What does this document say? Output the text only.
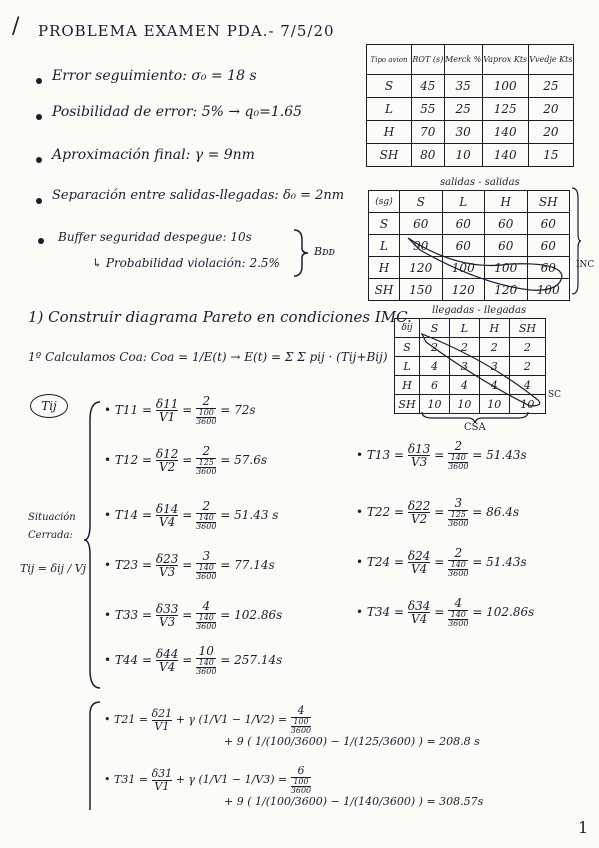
/ PROBLEMA EXAMEN PDA.- 7/5/20
Error seguimiento: σ₀ = 18 s
Posibilidad de error: 5% → q₀=1.65
Aproximación final: γ = 9nm
Separación entre salidas-llegadas: δ₀ = 2nm
Buffer seguridad despegue: 10s
↳ Probabilidad violación: 2.5%
Bᴅᴅ
Tipo avion	ROT (s)	Merck %	Vaprox Kts	Vvedje Kts
S	45	35	100	25
L	55	25	125	20
H	70	30	140	20
SH	80	10	140	15
salidas - salidas
(sg)	S	L	H	SH
S	60	60	60	60
L	90	60	60	60
H	120	100	100	60
SH	150	120	120	100
INC
llegadas - llegadas
δij	S	L	H	SH
S	2	2	2	2
L	4	3	3	2
H	6	4	4	4
SH	10	10	10	10
SC
CSA
1) Construir diagrama Pareto en condiciones IMC.
1º Calculamos Coa: Coa = 1/E(t) → E(t) = Σ Σ pij · (Tij+Bij)
Tij
Situación
Cerrada:
Tij = δij / Vj
• $T11 = \frac{\delta 11}{V1} = \frac{2}{\frac{100}{3600}} = 72s$
• $T12 = \frac{\delta 12}{V2} = \frac{2}{\frac{125}{3600}} = 57.6s$	• $T13 = \frac{\delta 13}{V3} = \frac{2}{\frac{140}{3600}} = 51.43s$
• $T14 = \frac{\delta 14}{V4} = \frac{2}{\frac{140}{3600}} = 51.43$ s	• $T22 = \frac{\delta 22}{V2} = \frac{3}{\frac{125}{3600}} = 86.4s$
• $T23 = \frac{\delta 23}{V3} = \frac{3}{\frac{140}{3600}} = 77.14s$	• $T24 = \frac{\delta 24}{V4} = \frac{2}{\frac{140}{3600}} = 51.43s$
• $T33 = \frac{\delta 33}{V3} = \frac{4}{\frac{140}{3600}} = 102.86s$	• $T34 = \frac{\delta 34}{V4} = \frac{4}{\frac{140}{3600}} = 102.86s$
• $T44 = \frac{\delta 44}{V4} = \frac{10}{\frac{140}{3600}} = 257.14s$
• $T21 = \frac{\delta 21}{V1} + \gamma$ $(1/V1 - 1/V2) = \frac{4}{\frac{100}{3600}}$

+ 9 ( 1/(100/3600) − 1/(125/3600) ) = 208.8 s
• $T31 = \frac{\delta 31}{V1} + \gamma$ $(1/V1 - 1/V3) = \frac{6}{\frac{100}{3600}}$

+ 9 ( 1/(100/3600) − 1/(140/3600) ) = 308.57s
1
